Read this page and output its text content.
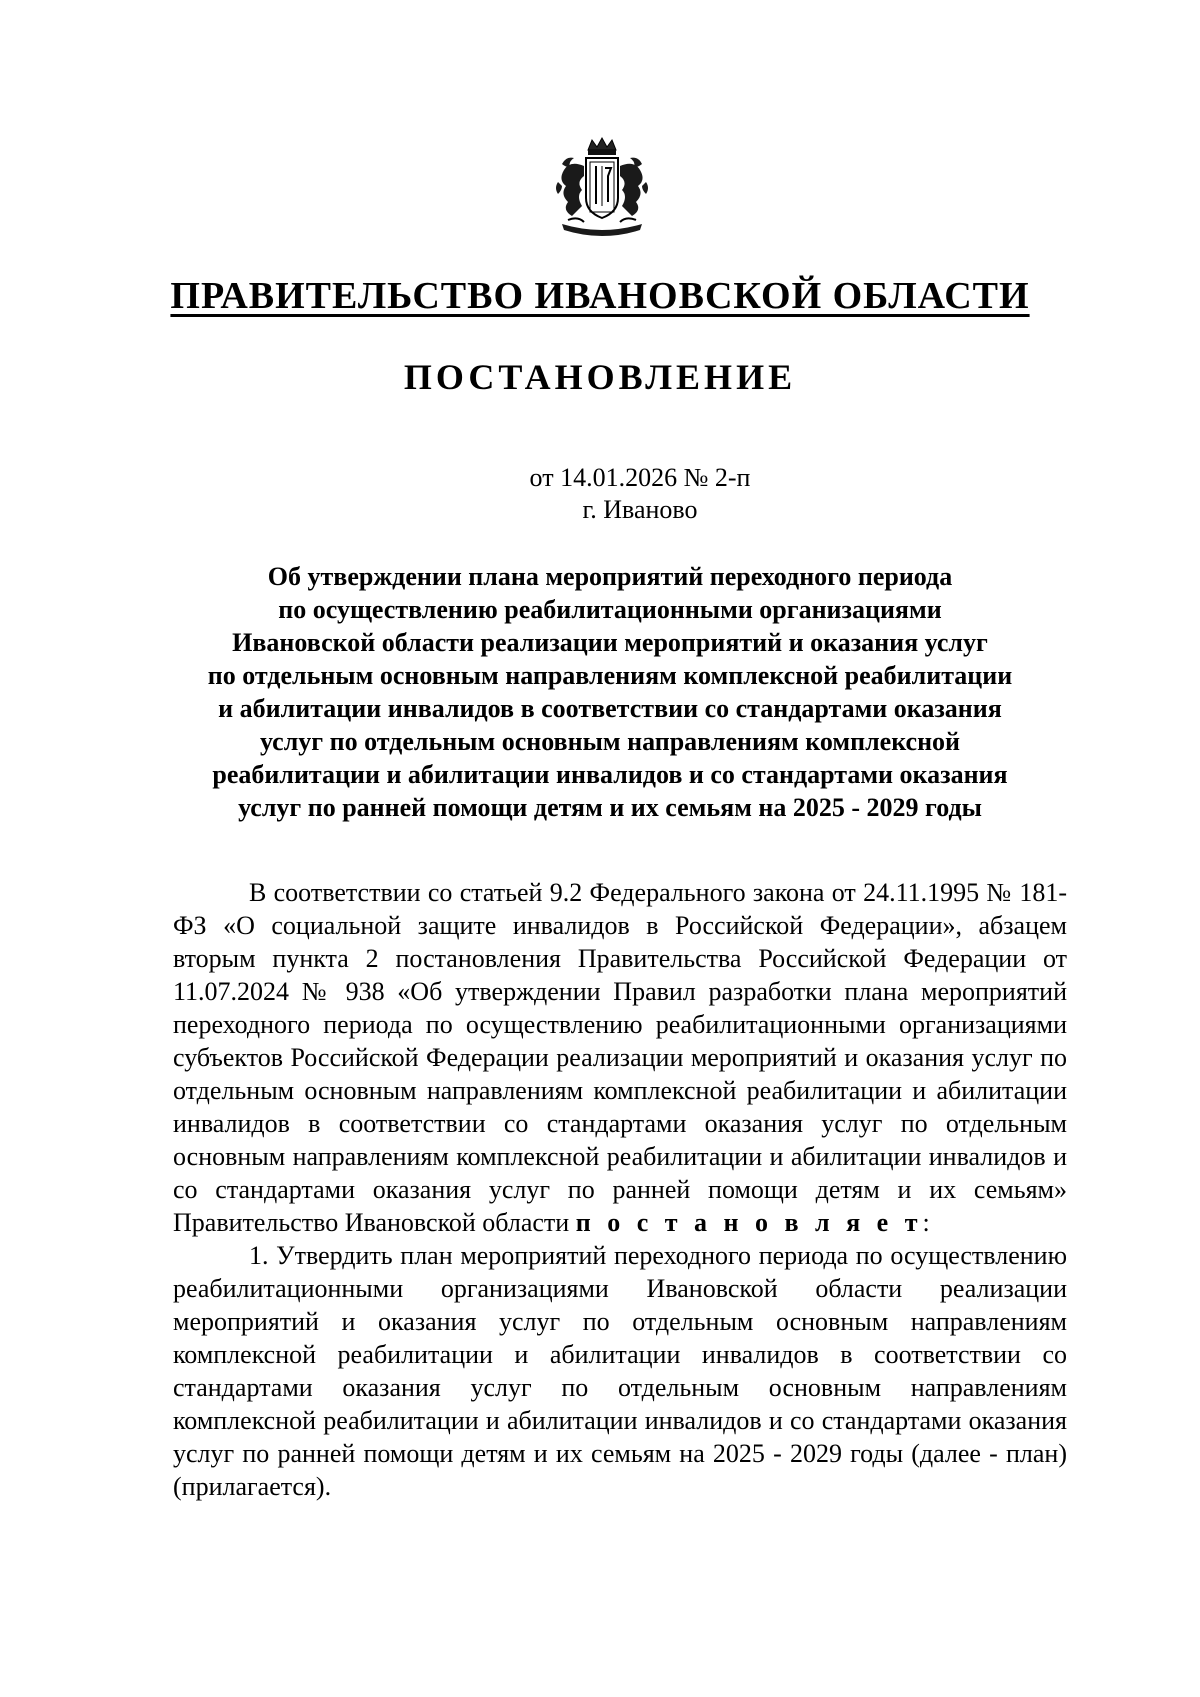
ПРАВИТЕЛЬСТВО ИВАНОВСКОЙ ОБЛАСТИ
ПОСТАНОВЛЕНИЕ
от 14.01.2026 № 2-п
г. Иваново
Об утверждении плана мероприятий переходного периода
по осуществлению реабилитационными организациями
Ивановской области реализации мероприятий и оказания услуг
по отдельным основным направлениям комплексной реабилитации
и абилитации инвалидов в соответствии со стандартами оказания
услуг по отдельным основным направлениям комплексной
реабилитации и абилитации инвалидов и со стандартами оказания
услуг по ранней помощи детям и их семьям на 2025 - 2029 годы

В соответствии со статьей 9.2 Федерального закона от 24.11.1995 № 181-ФЗ «О социальной защите инвалидов в Российской Федерации», абзацем вторым пункта 2 постановления Правительства Российской Федерации от 11.07.2024 № 938 «Об утверждении Правил разработки плана мероприятий переходного периода по осуществлению реабилитационными организациями субъектов Российской Федерации реализации мероприятий и оказания услуг по отдельным основным направлениям комплексной реабилитации и абилитации инвалидов в соответствии со стандартами оказания услуг по отдельным основным направлениям комплексной реабилитации и абилитации инвалидов и со стандартами оказания услуг по ранней помощи детям и их семьям» Правительство Ивановской области п о с т а н о в л я е т:

1. Утвердить план мероприятий переходного периода по осуществлению реабилитационными организациями Ивановской области реализации мероприятий и оказания услуг по отдельным основным направлениям комплексной реабилитации и абилитации инвалидов в соответствии со стандартами оказания услуг по отдельным основным направлениям комплексной реабилитации и абилитации инвалидов и со стандартами оказания услуг по ранней помощи детям и их семьям на 2025 - 2029 годы (далее - план) (прилагается).
